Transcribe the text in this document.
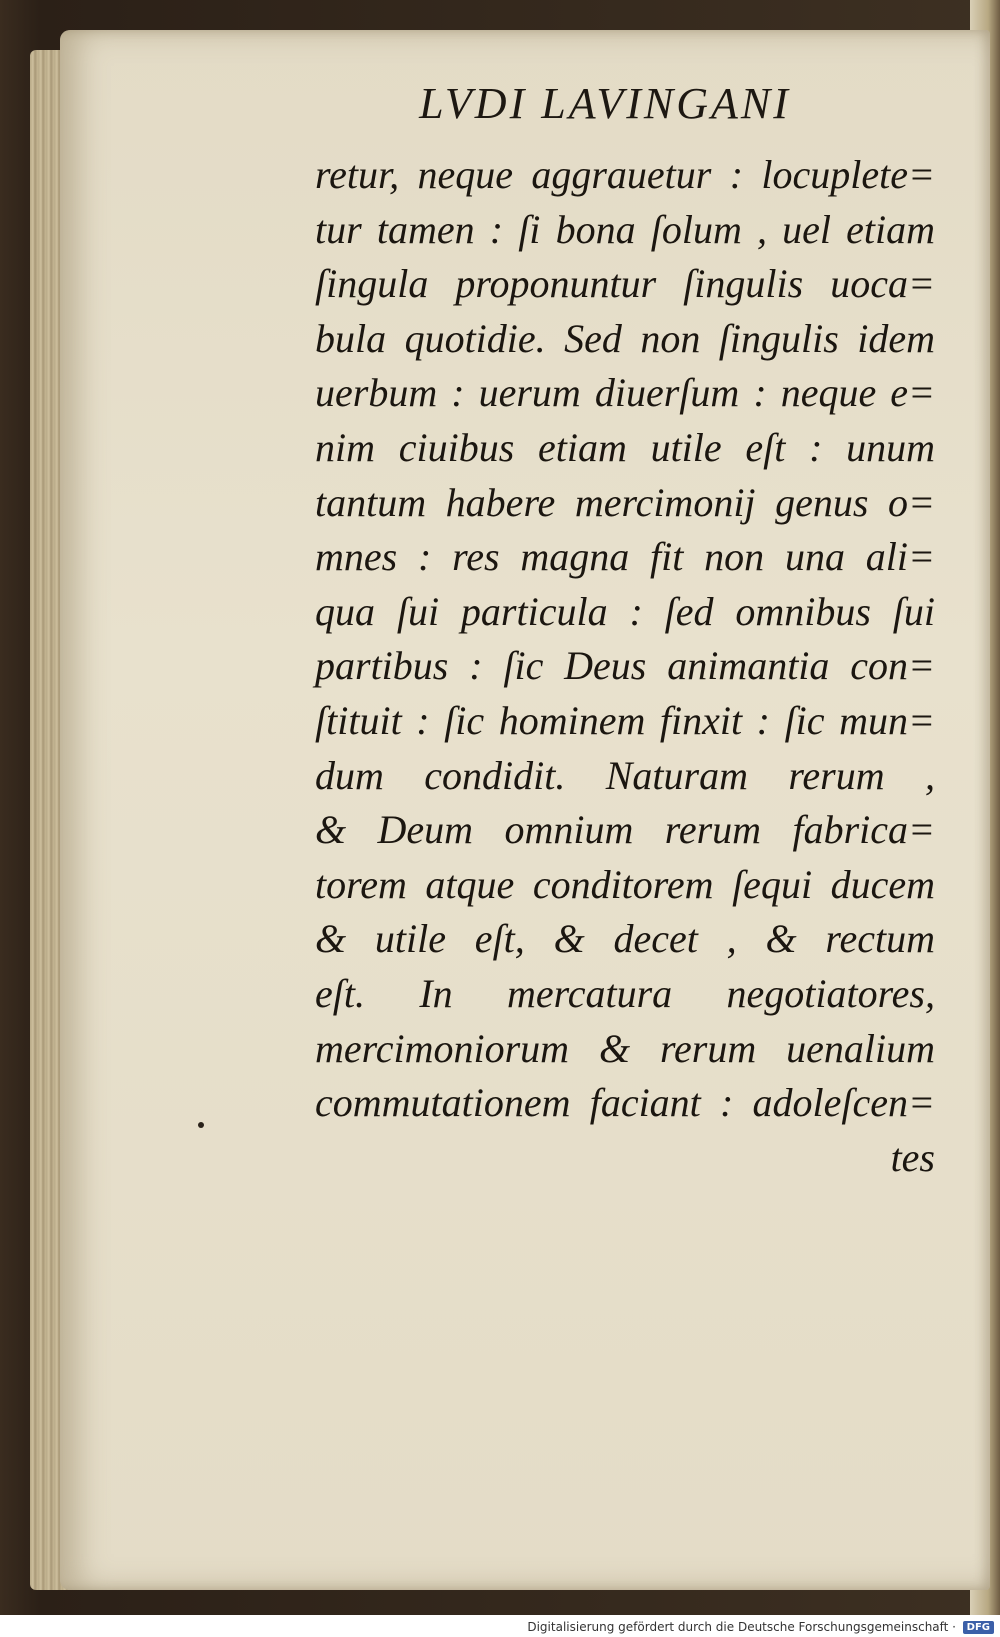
LVDI LAVINGANI
retur, neque aggrauetur : locuplete=
tur tamen : ſi bona ſolum , uel etiam
ſingula proponuntur ſingulis uoca=
bula quotidie. Sed non ſingulis idem
uerbum : uerum diuerſum : neque e=
nim ciuibus etiam utile eſt : unum
tantum habere mercimonij genus o=
mnes : res magna fit non una ali=
qua ſui particula : ſed omnibus ſui
partibus : ſic Deus animantia con=
ſtituit : ſic hominem finxit : ſic mun=
dum condidit. Naturam rerum ,
& Deum omnium rerum fabrica=
torem atque conditorem ſequi ducem
& utile eſt, & decet , & rectum
eſt. In mercatura negotiatores,
mercimoniorum & rerum uenalium
commutationem faciant : adoleſcen=
tes
Digitalisierung gefördert durch die Deutsche Forschungsgemeinschaft ·	DFG
